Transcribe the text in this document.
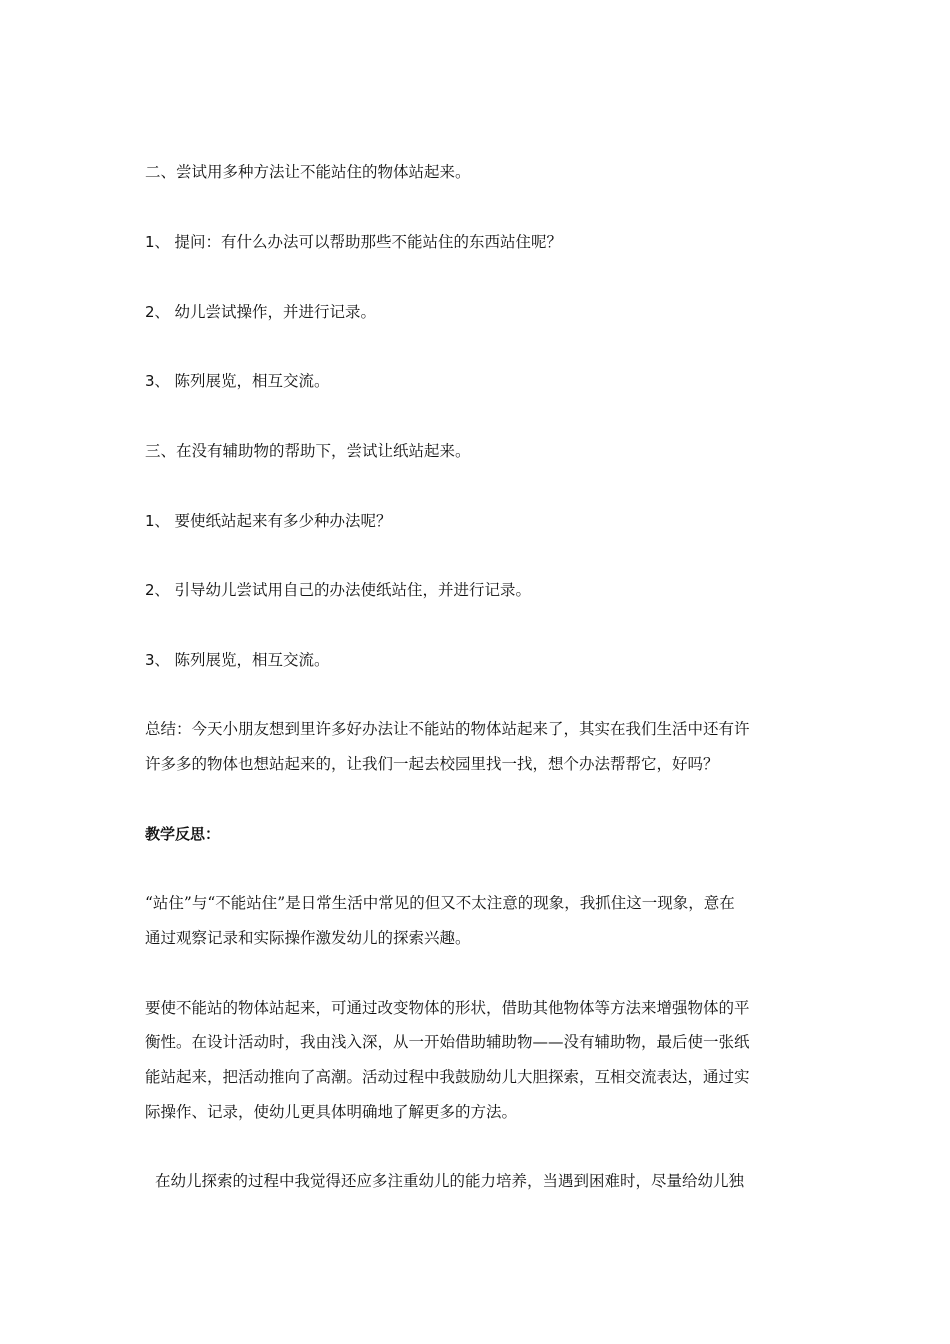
二、尝试用多种方法让不能站住的物体站起来。
1、 提问：有什么办法可以帮助那些不能站住的东西站住呢？
2、 幼儿尝试操作，并进行记录。
3、 陈列展览，相互交流。
三、在没有辅助物的帮助下，尝试让纸站起来。
1、 要使纸站起来有多少种办法呢？
2、 引导幼儿尝试用自己的办法使纸站住，并进行记录。
3、 陈列展览，相互交流。
总结：今天小朋友想到里许多好办法让不能站的物体站起来了，其实在我们生活中还有许
许多多的物体也想站起来的，让我们一起去校园里找一找，想个办法帮帮它，好吗？
教学反思：
“站住”与“不能站住”是日常生活中常见的但又不太注意的现象，我抓住这一现象，意在
通过观察记录和实际操作激发幼儿的探索兴趣。
要使不能站的物体站起来，可通过改变物体的形状，借助其他物体等方法来增强物体的平
衡性。在设计活动时，我由浅入深，从一开始借助辅助物——没有辅助物，最后使一张纸
能站起来，把活动推向了高潮。活动过程中我鼓励幼儿大胆探索，互相交流表达，通过实
际操作、记录，使幼儿更具体明确地了解更多的方法。
在幼儿探索的过程中我觉得还应多注重幼儿的能力培养，当遇到困难时，尽量给幼儿独
